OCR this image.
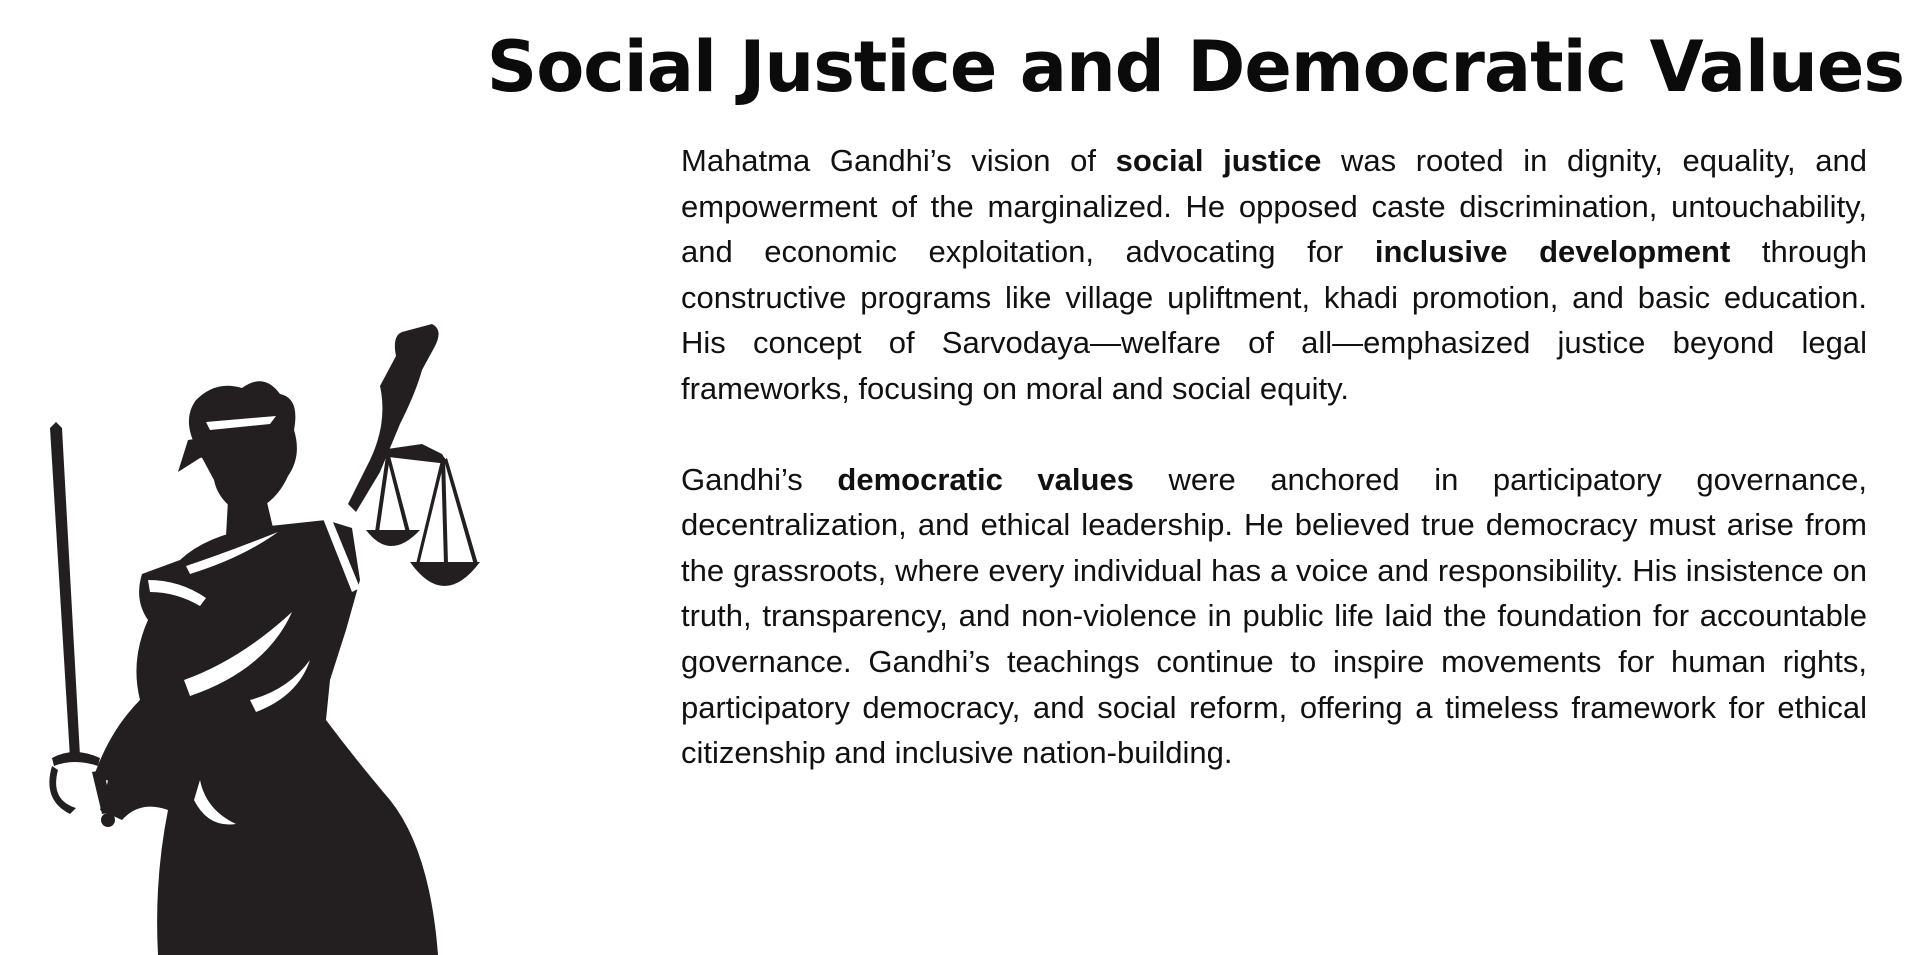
Social Justice and Democratic Values

Mahatma Gandhi’s vision of social justice was rooted in dignity, equality, and empowerment of the marginalized. He opposed caste discrimination, untouchability, and economic exploitation, advocating for inclusive development through constructive programs like village upliftment, khadi promotion, and basic education. His concept of Sarvodaya—welfare of all—emphasized justice beyond legal frameworks, focusing on moral and social equity.

Gandhi’s democratic values were anchored in participatory governance, decentralization, and ethical leadership. He believed true democracy must arise from the grassroots, where every individual has a voice and responsibility. His insistence on truth, transparency, and non-violence in public life laid the foundation for accountable governance. Gandhi’s teachings continue to inspire movements for human rights, participatory democracy, and social reform, offering a timeless framework for ethical citizenship and inclusive nation-building.
